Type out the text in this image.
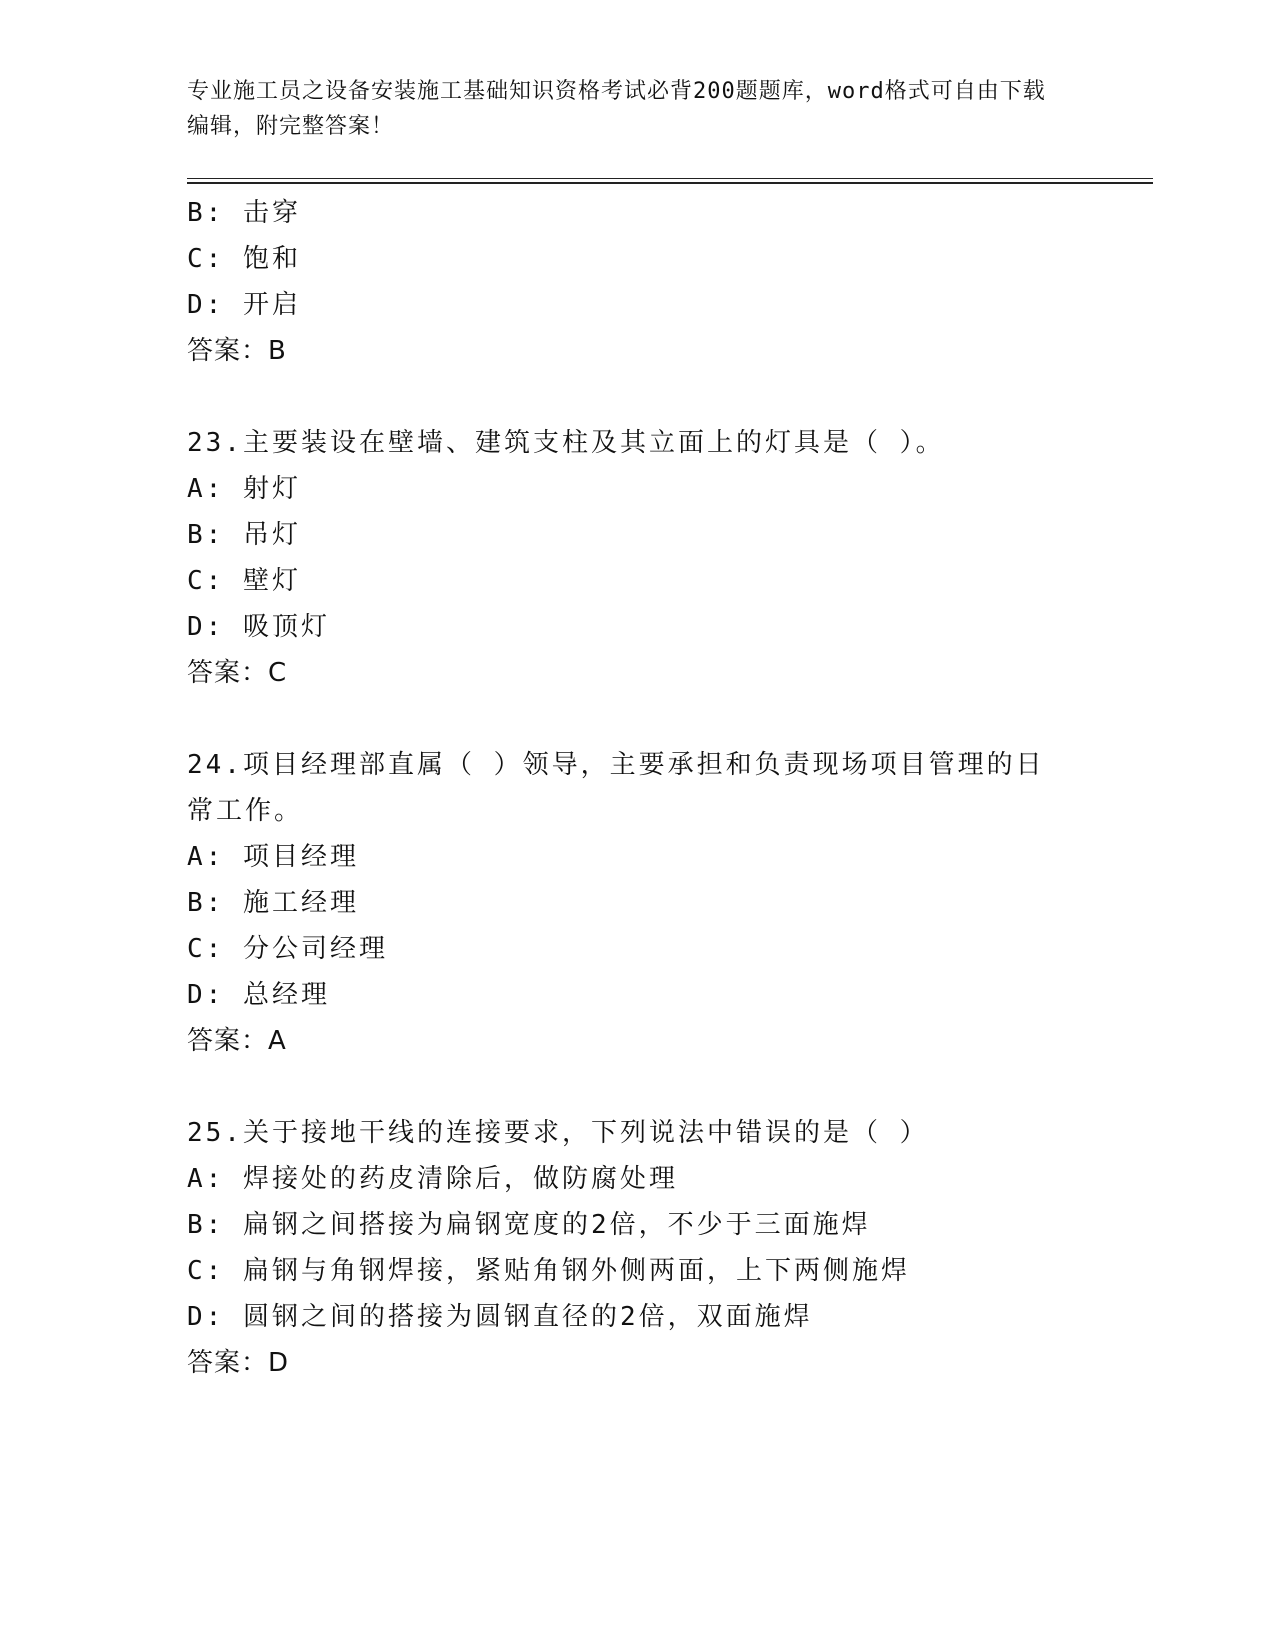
专业施工员之设备安装施工基础知识资格考试必背200题题库，word格式可自由下载编辑，附完整答案！
B: 击穿
C: 饱和
D: 开启
答案：B
23.主要装设在壁墙、建筑支柱及其立面上的灯具是（ ）。
A: 射灯
B: 吊灯
C: 壁灯
D: 吸顶灯
答案：C
24.项目经理部直属（ ）领导，主要承担和负责现场项目管理的日常工作。
A: 项目经理
B: 施工经理
C: 分公司经理
D: 总经理
答案：A
25.关于接地干线的连接要求，下列说法中错误的是（ ）
A: 焊接处的药皮清除后，做防腐处理
B: 扁钢之间搭接为扁钢宽度的2倍，不少于三面施焊
C: 扁钢与角钢焊接，紧贴角钢外侧两面，上下两侧施焊
D: 圆钢之间的搭接为圆钢直径的2倍，双面施焊
答案：D
